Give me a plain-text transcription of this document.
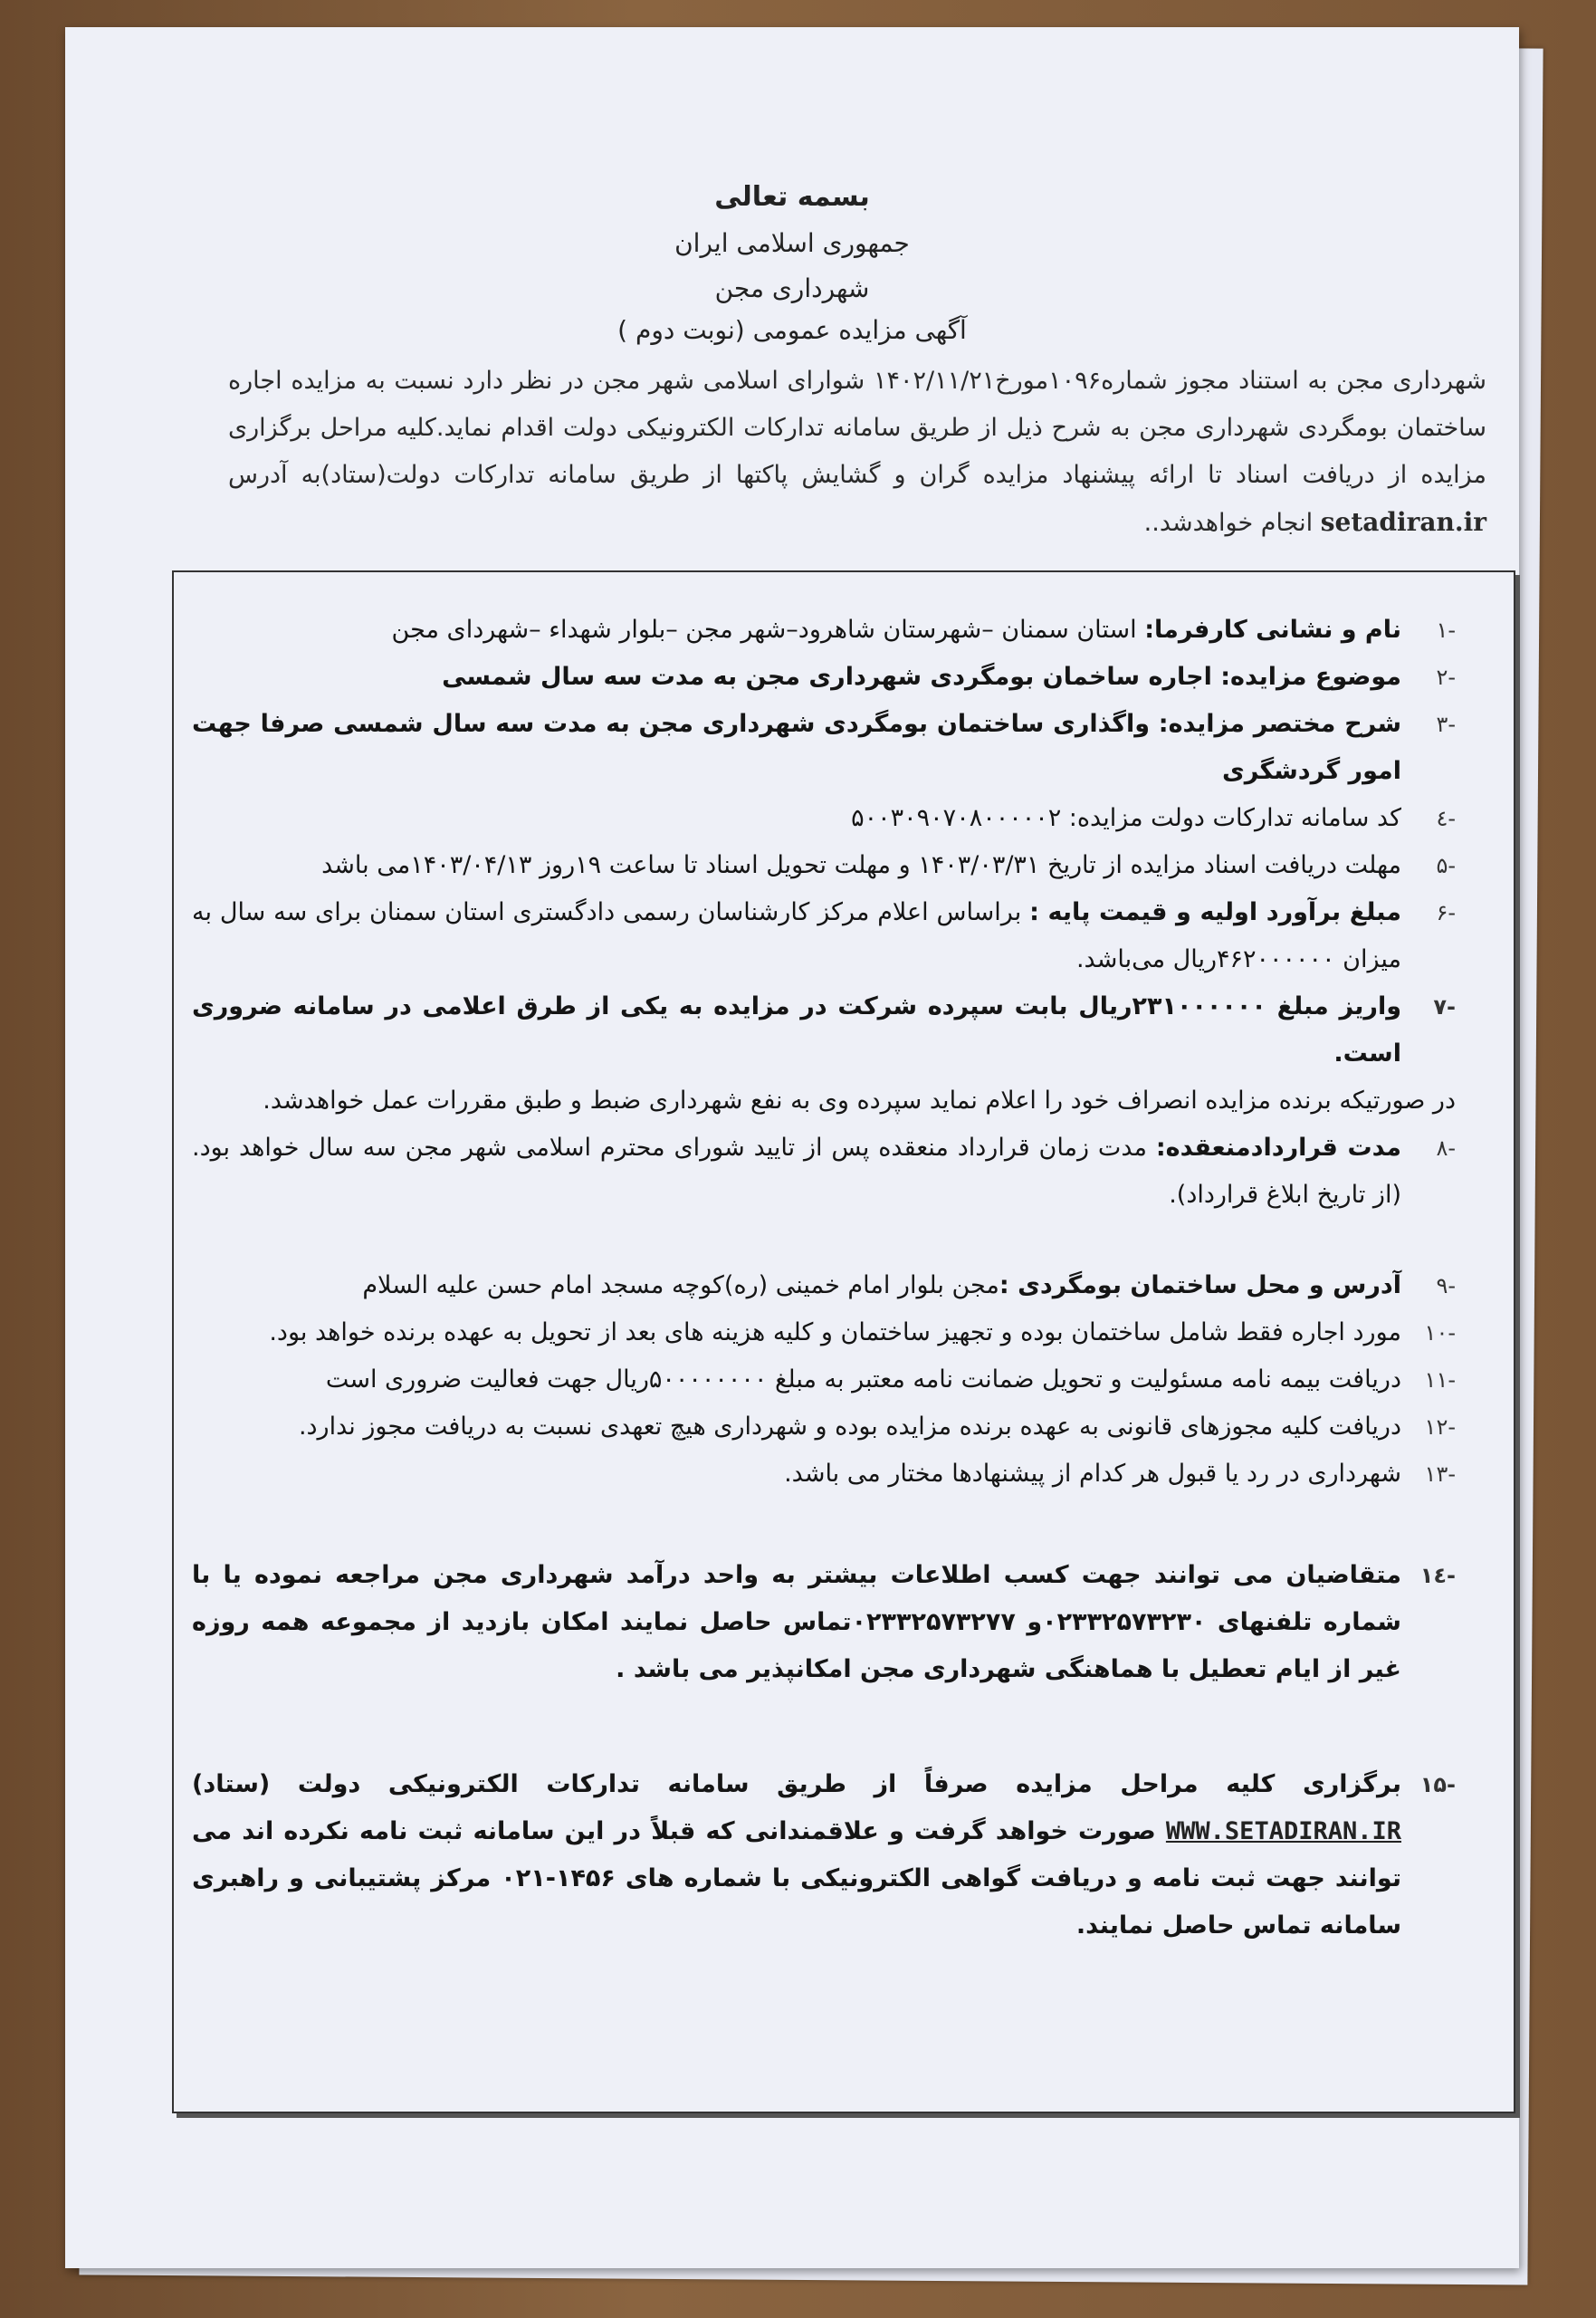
بسمه تعالی
جمهوری اسلامی ایران
شهرداری مجن
آگهی مزایده عمومی (نوبت دوم )
شهرداری مجن به استناد مجوز شماره۱۰۹۶مورخ۱۴۰۲/۱۱/۲۱ شوارای اسلامی شهر مجن در نظر دارد نسبت به مزایده اجاره ساختمان بومگردی شهرداری مجن به شرح ذیل از طریق سامانه تدارکات الکترونیکی دولت اقدام نماید.کلیه مراحل برگزاری مزایده از دریافت اسناد تا ارائه پیشنهاد مزایده گران و گشایش پاکتها از طریق سامانه تدارکات دولت(ستاد)به آدرس setadiran.ir انجام خواهدشد..
-۱
نام و نشانی کارفرما: استان سمنان –شهرستان شاهرود–شهر مجن –بلوار شهداء –شهردای مجن
-۲
موضوع مزایده: اجاره ساخمان بومگردی شهرداری مجن به مدت سه سال شمسی
-۳
شرح مختصر مزایده: واگذاری ساختمان بومگردی شهرداری مجن به مدت سه سال شمسی صرفا جهت امور گردشگری
-٤
کد سامانه تدارکات دولت مزایده: ۵۰۰۳۰۹۰۷۰۸۰۰۰۰۰۲
-۵
مهلت دریافت اسناد مزایده از تاریخ ۱۴۰۳/۰۳/۳۱ و مهلت تحویل اسناد تا ساعت ۱۹روز ۱۴۰۳/۰۴/۱۳می باشد
-۶
مبلغ برآورد اولیه و قیمت پایه : براساس اعلام مرکز کارشناسان رسمی دادگستری استان سمنان برای سه سال به میزان ۴۶۲۰۰۰۰۰۰ریال می‌باشد.
-۷
واریز مبلغ ۲۳۱۰۰۰۰۰۰ریال بابت سپرده شرکت در مزایده به یکی از طرق اعلامی در سامانه ضروری است.
در صورتیکه برنده مزایده انصراف خود را اعلام نماید سپرده وی به نفع شهرداری ضبط و طبق مقررات عمل خواهدشد.
-۸
مدت قرارداد‌منعقده: مدت زمان قرارداد منعقده پس از تایید شورای محترم اسلامی شهر مجن سه سال خواهد بود. (از تاریخ ابلاغ قرارداد).
-۹
آدرس و محل ساختمان بومگردی :مجن بلوار امام خمینی (ره)کوچه مسجد امام حسن علیه السلام
-۱۰
مورد اجاره فقط شامل ساختمان بوده و تجهیز ساختمان و کلیه هزینه های بعد از تحویل به عهده برنده خواهد بود.
-۱۱
دریافت بیمه نامه مسئولیت و تحویل ضمانت نامه معتبر به مبلغ ۵۰۰۰۰۰۰۰۰ریال جهت فعالیت ضروری است
-۱۲
دریافت کلیه مجوزهای قانونی به عهده برنده مزایده بوده و شهرداری هیچ تعهدی نسبت به دریافت مجوز ندارد.
-۱۳
شهرداری در رد یا قبول هر کدام از پیشنهادها مختار می باشد.
-۱٤
متقاضیان می توانند جهت کسب اطلاعات بیشتر به واحد درآمد شهرداری مجن مراجعه نموده یا با شماره تلفنهای ۰۲۳۳۲۵۷۳۲۳۰و ۰۲۳۳۲۵۷۳۲۷۷تماس حاصل نمایند امکان بازدید از مجموعه همه روزه غیر از ایام تعطیل با هماهنگی شهرداری مجن امکانپذیر می باشد .
-۱۵
برگزاری کلیه مراحل مزایده صرفاً از طریق سامانه تدارکات الکترونیکی دولت (ستاد) WWW.SETADIRAN.IR صورت خواهد گرفت و علاقمندانی که قبلاً در این سامانه ثبت نامه نکرده اند می توانند جهت ثبت نامه و دریافت گواهی الکترونیکی با شماره های ۱۴۵۶-۰۲۱ مرکز پشتیبانی و راهبری سامانه تماس حاصل نمایند.
